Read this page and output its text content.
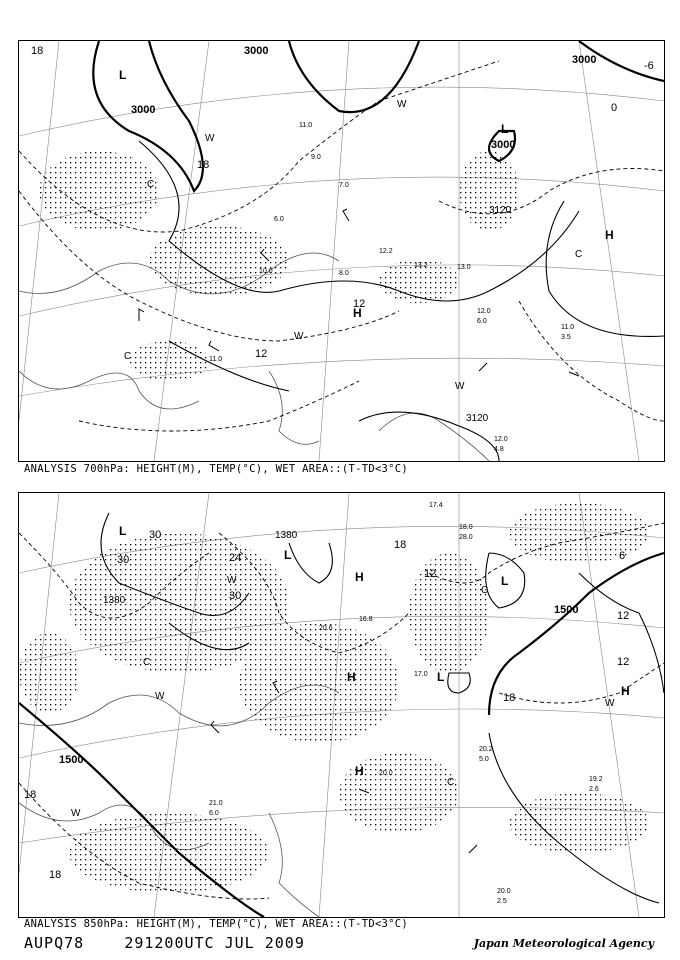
3000
3000
3000
3000
3120
3120
18
18
0
12
12
-6
L
L
H
H
W
W
W
W
C
C
C
9.0
6.0
7.0
11.0
12.2
11.0
10.0	8.0
13.0
13.2
12.0
6.0
11.0
3.5
12.0
4.8
ANALYSIS 700hPa: HEIGHT(M), TEMP(°C), WET AREA::(T-TD<3°C)
1500
1500
1380
1380
30
30
24
30
18
18
12
12
12
18
18
6
L
L
L
L
H
H
H
H
W
W
W
W
C
C
C
17.4
18.0
28.0
20.6
16.8
17.0
20.0
20.2
5.0
19.2
2.6
21.0
6.0
20.0
2.5
ANALYSIS 850hPa: HEIGHT(M), TEMP(°C), WET AREA::(T-TD<3°C)
AUPQ78	291200UTC JUL 2009	Japan Meteorological Agency
